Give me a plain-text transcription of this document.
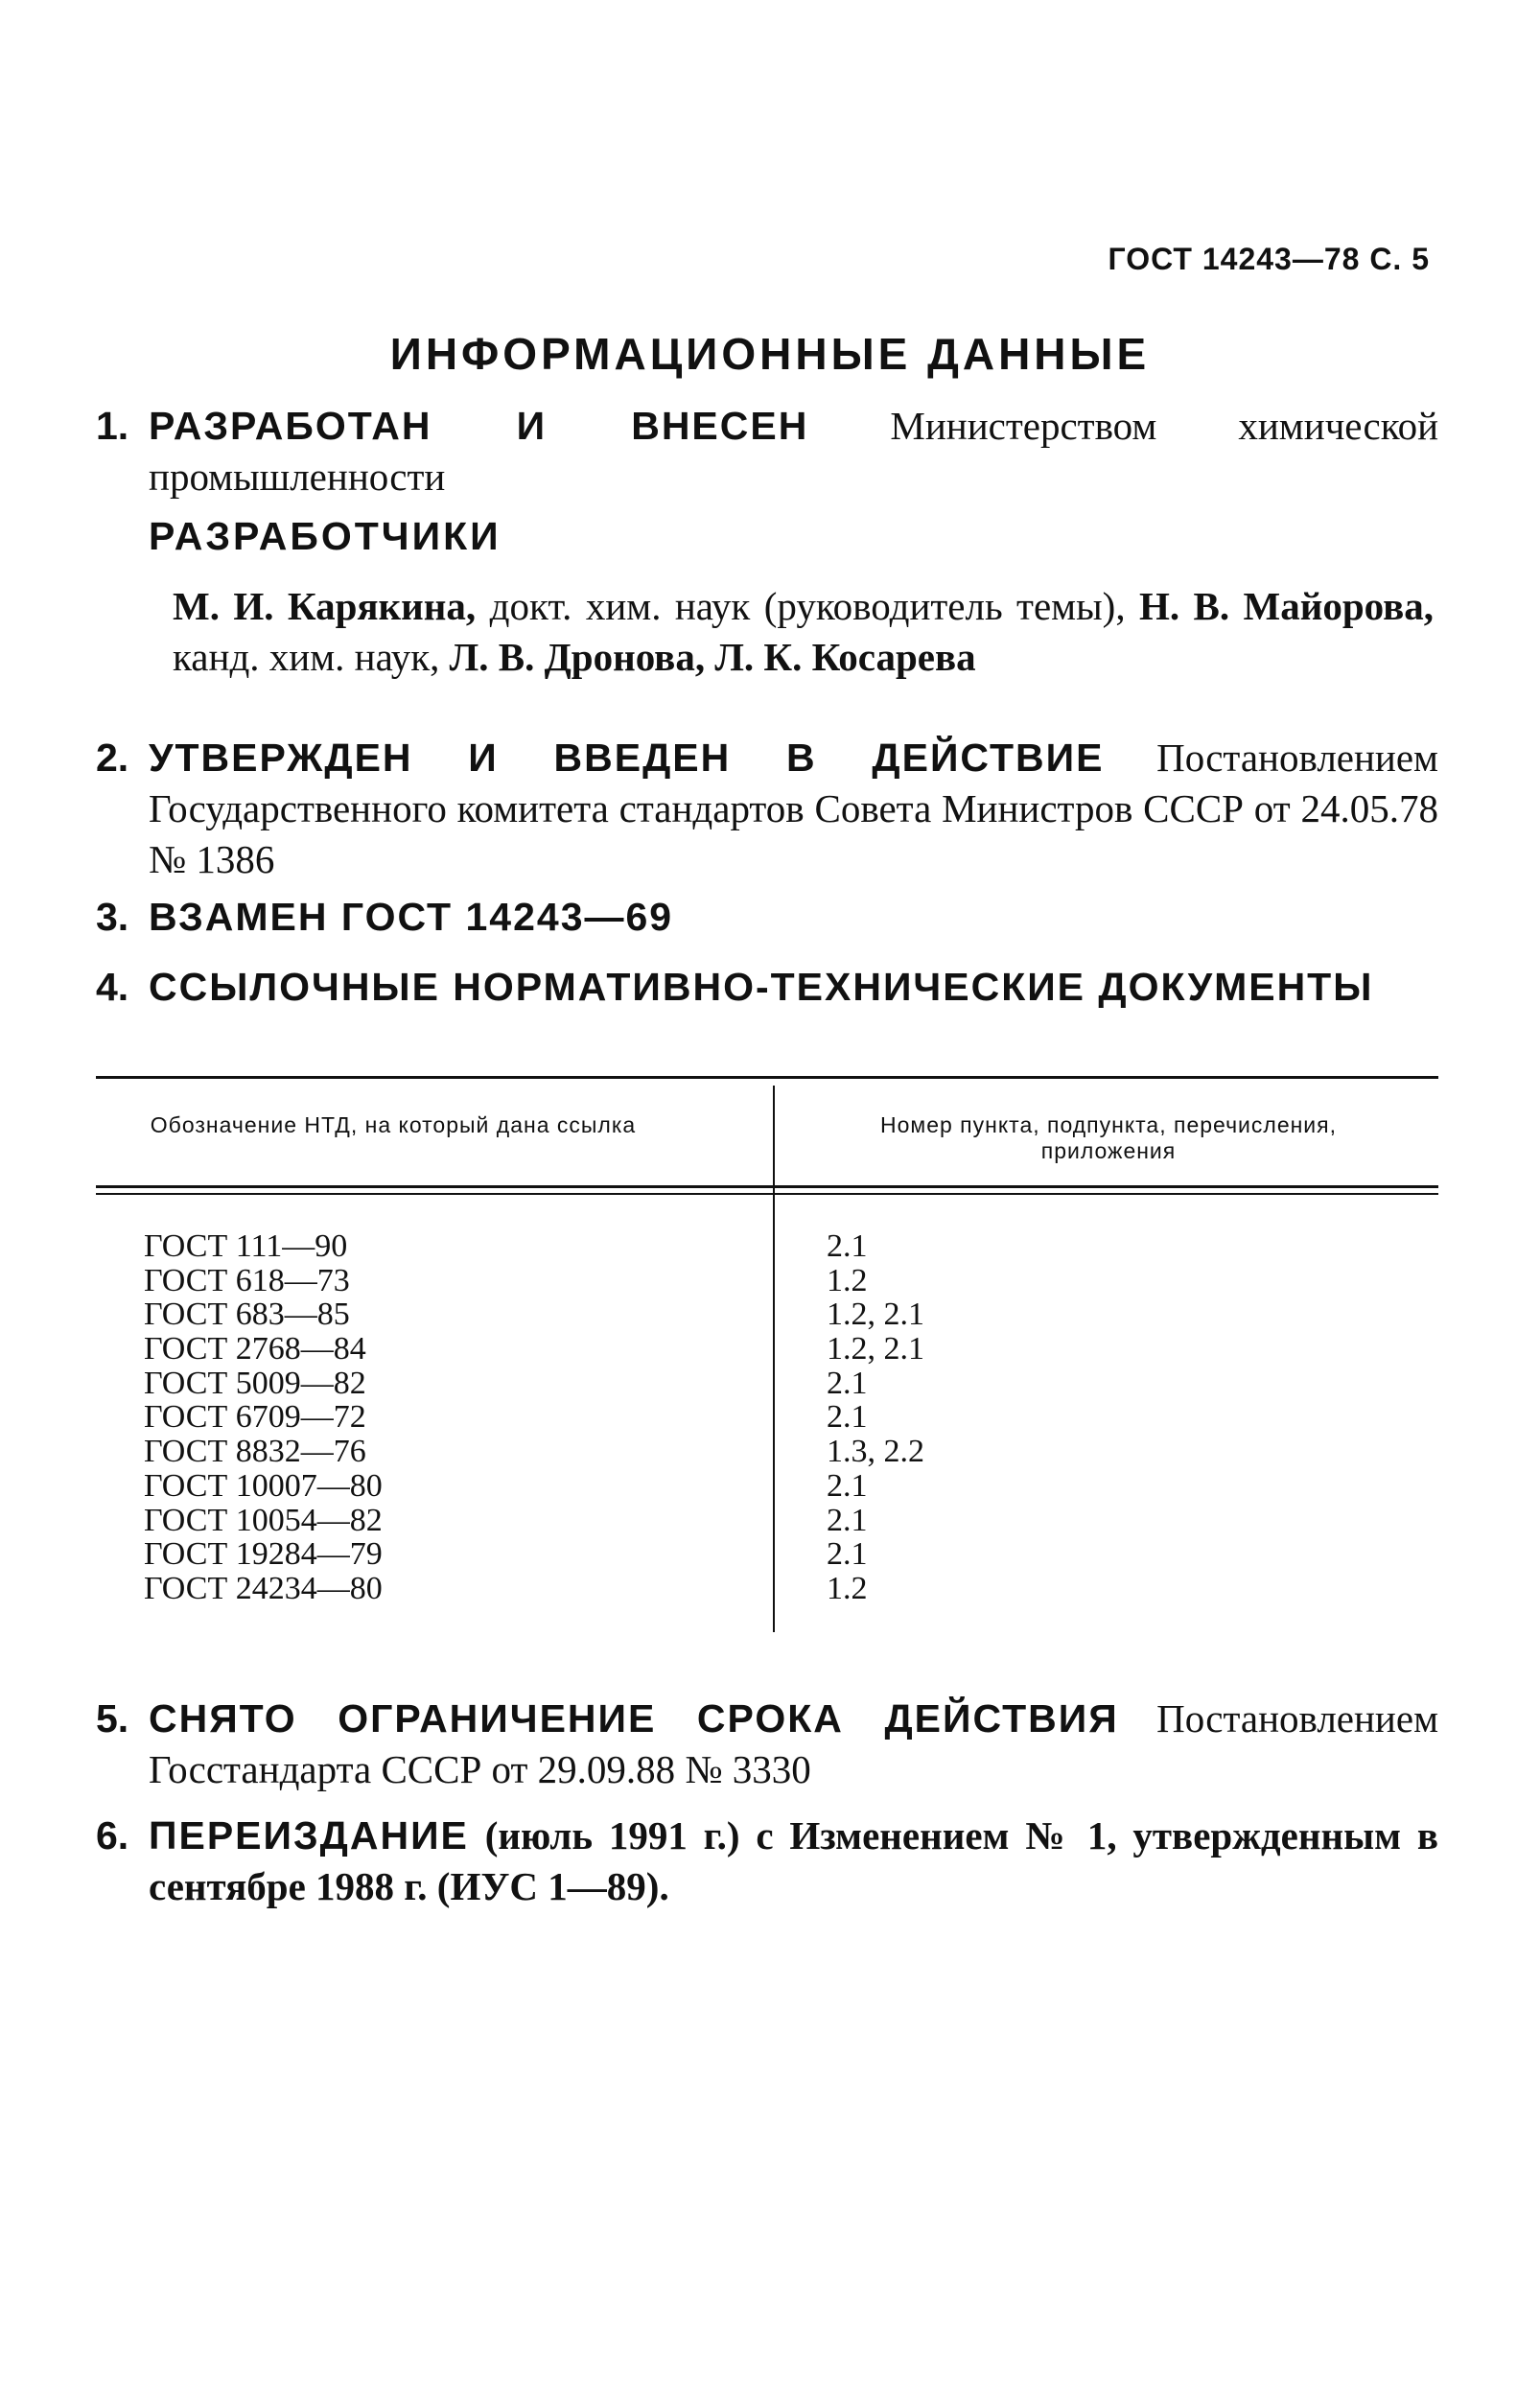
ГОСТ 14243—78 С. 5
ИНФОРМАЦИОННЫЕ ДАННЫЕ
1. РАЗРАБОТАН И ВНЕСЕН Министерством химической промышленности
РАЗРАБОТЧИКИ
М. И. Карякина, докт. хим. наук (руководитель темы), Н. В. Майорова, канд. хим. наук, Л. В. Дронова, Л. К. Косарева
2. УТВЕРЖДЕН И ВВЕДЕН В ДЕЙСТВИЕ Постановлением Государственного комитета стандартов Совета Министров СССР от 24.05.78 № 1386
3. ВЗАМЕН ГОСТ 14243—69
4. ССЫЛОЧНЫЕ НОРМАТИВНО-ТЕХНИЧЕСКИЕ ДОКУМЕНТЫ
Обозначение НТД, на который дана ссылка	Номер пункта, подпункта, перечисления, приложения
ГОСТ 111—90	2.1
ГОСТ 618—73	1.2
ГОСТ 683—85	1.2, 2.1
ГОСТ 2768—84	1.2, 2.1
ГОСТ 5009—82	2.1
ГОСТ 6709—72	2.1
ГОСТ 8832—76	1.3, 2.2
ГОСТ 10007—80	2.1
ГОСТ 10054—82	2.1
ГОСТ 19284—79	2.1
ГОСТ 24234—80	1.2
5. СНЯТО ОГРАНИЧЕНИЕ СРОКА ДЕЙСТВИЯ Постановлением Госстандарта СССР от 29.09.88 № 3330
6. ПЕРЕИЗДАНИЕ (июль 1991 г.) с Изменением № 1, утвержденным в сентябре 1988 г. (ИУС 1—89).
